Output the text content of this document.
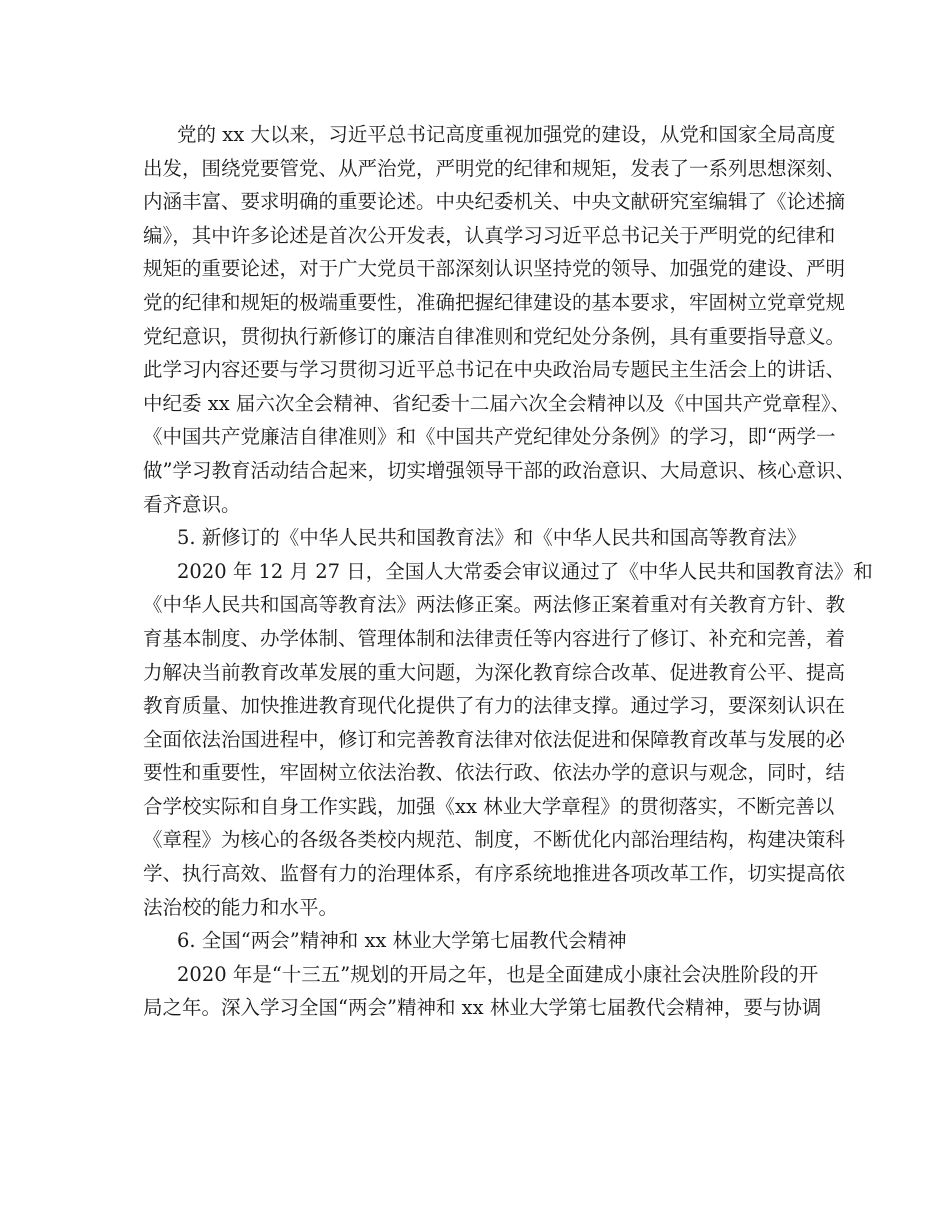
党的 xx 大以来，习近平总书记高度重视加强党的建设，从党和国家全局高度
出发，围绕党要管党、从严治党，严明党的纪律和规矩，发表了一系列思想深刻、
内涵丰富、要求明确的重要论述。中央纪委机关、中央文献研究室编辑了《论述摘
编》，其中许多论述是首次公开发表，认真学习习近平总书记关于严明党的纪律和
规矩的重要论述，对于广大党员干部深刻认识坚持党的领导、加强党的建设、严明
党的纪律和规矩的极端重要性，准确把握纪律建设的基本要求，牢固树立党章党规
党纪意识，贯彻执行新修订的廉洁自律准则和党纪处分条例，具有重要指导意义。
此学习内容还要与学习贯彻习近平总书记在中央政治局专题民主生活会上的讲话、
中纪委 xx 届六次全会精神、省纪委十二届六次全会精神以及《中国共产党章程》、
《中国共产党廉洁自律准则》和《中国共产党纪律处分条例》的学习，即“两学一
做”学习教育活动结合起来，切实增强领导干部的政治意识、大局意识、核心意识、
看齐意识。
5. 新修订的《中华人民共和国教育法》和《中华人民共和国高等教育法》
2020 年 12 月 27 日，全国人大常委会审议通过了《中华人民共和国教育法》和
《中华人民共和国高等教育法》两法修正案。两法修正案着重对有关教育方针、教
育基本制度、办学体制、管理体制和法律责任等内容进行了修订、补充和完善，着
力解决当前教育改革发展的重大问题，为深化教育综合改革、促进教育公平、提高
教育质量、加快推进教育现代化提供了有力的法律支撑。通过学习，要深刻认识在
全面依法治国进程中，修订和完善教育法律对依法促进和保障教育改革与发展的必
要性和重要性，牢固树立依法治教、依法行政、依法办学的意识与观念，同时，结
合学校实际和自身工作实践，加强《xx 林业大学章程》的贯彻落实，不断完善以
《章程》为核心的各级各类校内规范、制度，不断优化内部治理结构，构建决策科
学、执行高效、监督有力的治理体系，有序系统地推进各项改革工作，切实提高依
法治校的能力和水平。
6. 全国“两会”精神和 xx 林业大学第七届教代会精神
2020 年是“十三五”规划的开局之年，也是全面建成小康社会决胜阶段的开
局之年。深入学习全国“两会”精神和 xx 林业大学第七届教代会精神，要与协调
